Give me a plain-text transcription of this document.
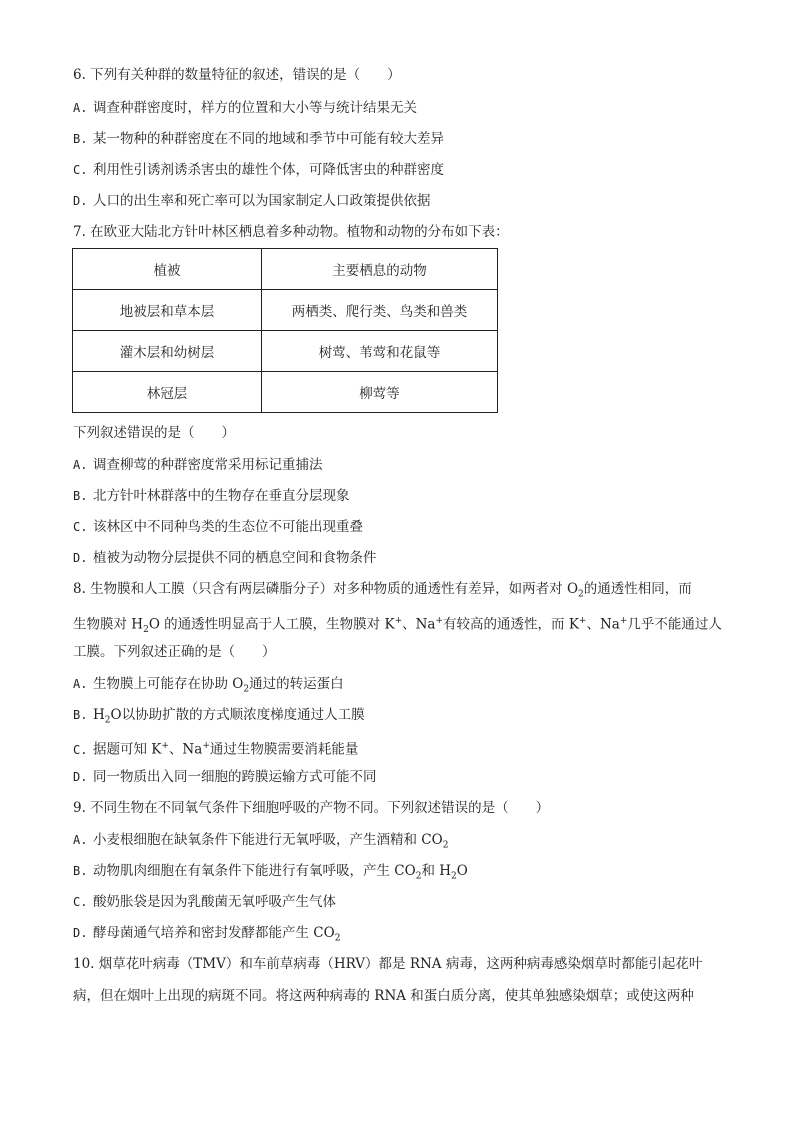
6. 下列有关种群的数量特征的叙述，错误的是（　　）
A. 调查种群密度时，样方的位置和大小等与统计结果无关
B. 某一物种的种群密度在不同的地域和季节中可能有较大差异
C. 利用性引诱剂诱杀害虫的雄性个体，可降低害虫的种群密度
D. 人口的出生率和死亡率可以为国家制定人口政策提供依据
7. 在欧亚大陆北方针叶林区栖息着多种动物。植物和动物的分布如下表：
植被	主要栖息的动物
地被层和草本层	两栖类、爬行类、鸟类和兽类
灌木层和幼树层	树莺、苇莺和花鼠等
林冠层	柳莺等
下列叙述错误的是（　　）
A. 调查柳莺的种群密度常采用标记重捕法
B. 北方针叶林群落中的生物存在垂直分层现象
C. 该林区中不同种鸟类的生态位不可能出现重叠
D. 植被为动物分层提供不同的栖息空间和食物条件
8. 生物膜和人工膜（只含有两层磷脂分子）对多种物质的通透性有差异，如两者对 $O_2$的通透性相同，而
生物膜对 $H_2O$ 的通透性明显高于人工膜，生物膜对 K+、Na+有较高的通透性，而 K+、Na+几乎不能通过人
工膜。下列叙述正确的是（　　）
A. 生物膜上可能存在协助 $O_2$通过的转运蛋白
B. $H_2O$以协助扩散的方式顺浓度梯度通过人工膜
C. 据题可知 K+、Na+通过生物膜需要消耗能量
D. 同一物质出入同一细胞的跨膜运输方式可能不同
9. 不同生物在不同氧气条件下细胞呼吸的产物不同。下列叙述错误的是（　　）
A. 小麦根细胞在缺氧条件下能进行无氧呼吸，产生酒精和 $CO_2$
B. 动物肌肉细胞在有氧条件下能进行有氧呼吸，产生 $CO_2$和 $H_2O$
C. 酸奶胀袋是因为乳酸菌无氧呼吸产生气体
D. 酵母菌通气培养和密封发酵都能产生 $CO_2$
10. 烟草花叶病毒（TMV）和车前草病毒（HRV）都是 RNA 病毒，这两种病毒感染烟草时都能引起花叶
病，但在烟叶上出现的病斑不同。将这两种病毒的 RNA 和蛋白质分离，使其单独感染烟草；或使这两种
